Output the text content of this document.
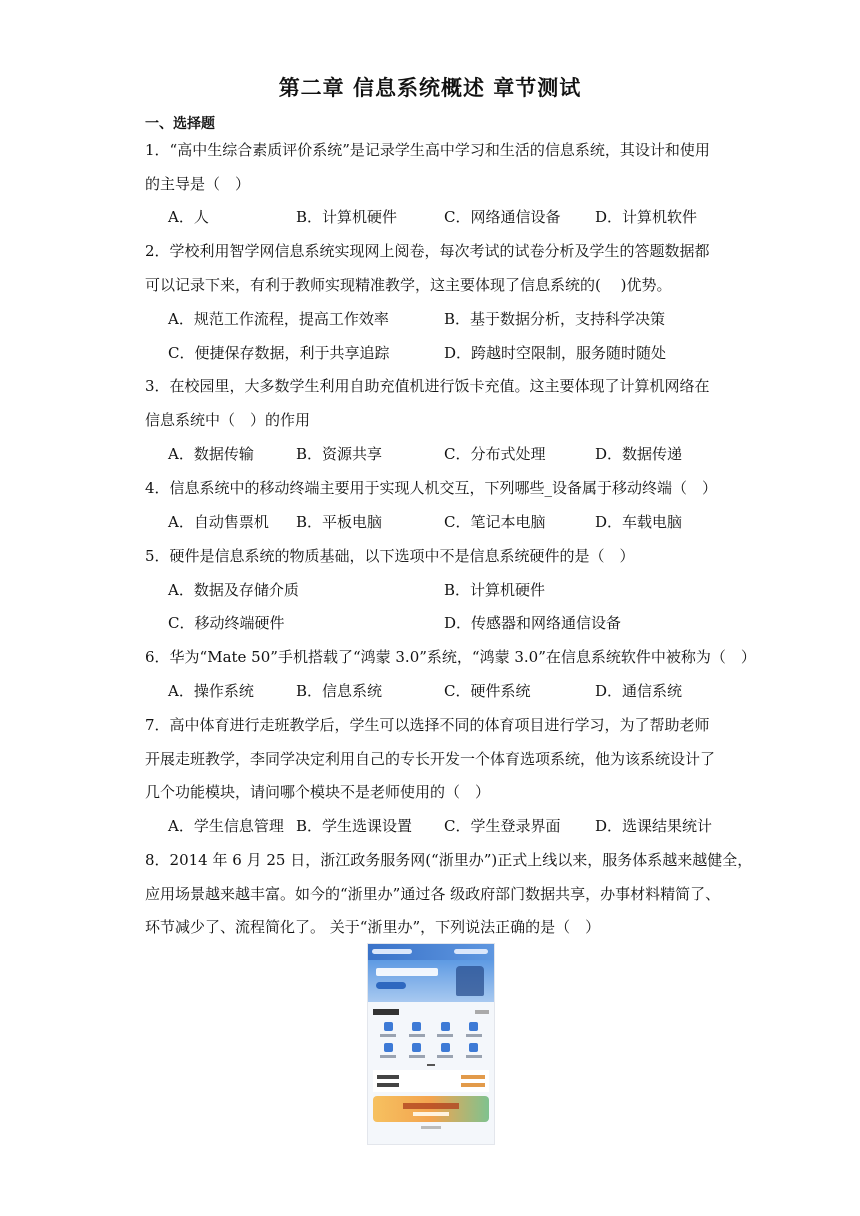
第二章 信息系统概述 章节测试
一、选择题
1．“高中生综合素质评价系统”是记录学生高中学习和生活的信息系统，其设计和使用
的主导是（　）
A．人	B．计算机硬件	C．网络通信设备 D．计算机软件
2．学校利用智学网信息系统实现网上阅卷，每次考试的试卷分析及学生的答题数据都
可以记录下来，有利于教师实现精准教学，这主要体现了信息系统的(　 )优势。
A．规范工作流程，提高工作效率	B．基于数据分析，支持科学决策
C．便捷保存数据，利于共享追踪	D．跨越时空限制，服务随时随处
3．在校园里，大多数学生利用自助充值机进行饭卡充值。这主要体现了计算机网络在
信息系统中（　）的作用
A．数据传输	B．资源共享	C．分布式处理	D．数据传递
4．信息系统中的移动终端主要用于实现人机交互，下列哪些_设备属于移动终端（　）
A．自动售票机 B．平板电脑	C．笔记本电脑	D．车载电脑
5．硬件是信息系统的物质基础，以下选项中不是信息系统硬件的是（　）
A．数据及存储介质	B．计算机硬件
C．移动终端硬件	D．传感器和网络通信设备
6．华为“Mate 50”手机搭载了“鸿蒙 3.0”系统，“鸿蒙 3.0”在信息系统软件中被称为（　）
A．操作系统	B．信息系统	C．硬件系统	D．通信系统
7．高中体育进行走班教学后，学生可以选择不同的体育项目进行学习，为了帮助老师
开展走班教学，李同学决定利用自己的专长开发一个体育选项系统，他为该系统设计了
几个功能模块，请问哪个模块不是老师使用的（　）
A．学生信息管理 B．学生选课设置 C．学生登录界面 D．选课结果统计
8．2014 年 6 月 25 日，浙江政务服务网(“浙里办”)正式上线以来，服务体系越来越健全，
应用场景越来越丰富。如今的“浙里办”通过各 级政府部门数据共享，办事材料精简了、
环节减少了、流程简化了。 关于“浙里办”，下列说法正确的是（　）
